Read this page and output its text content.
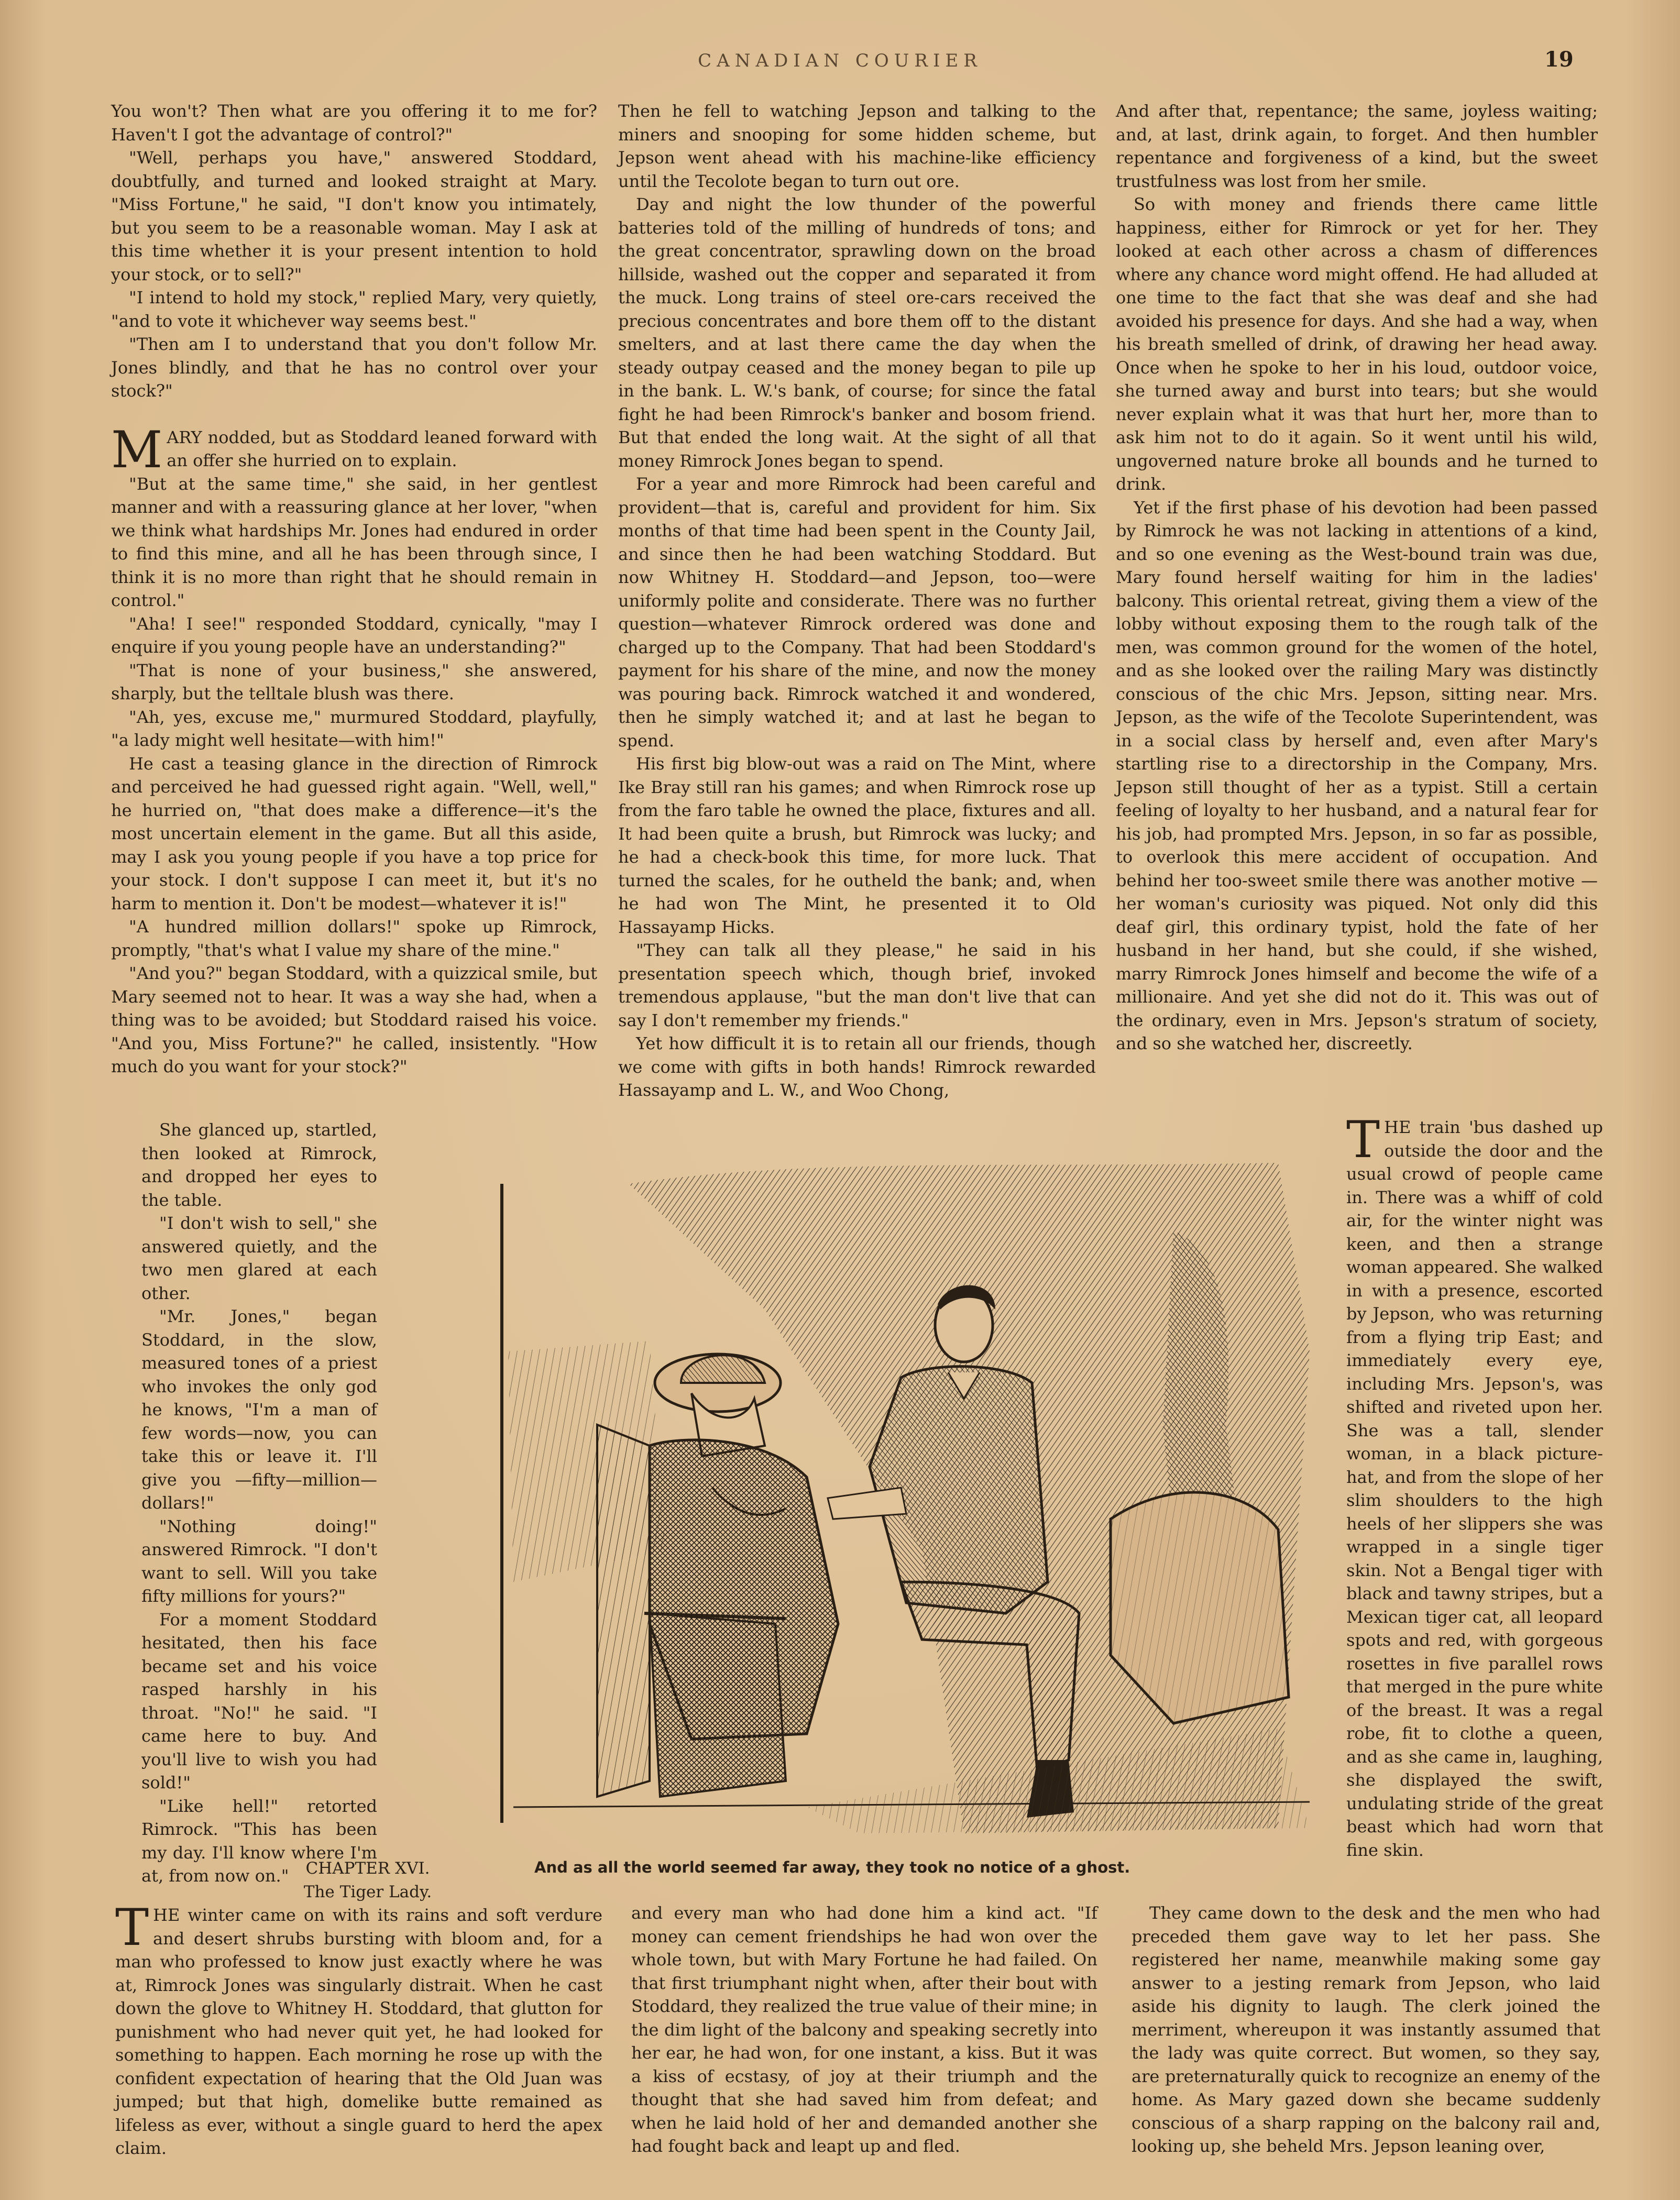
CANADIAN COURIER	19

You won't? Then what are you offering it to me for? Haven't I got the advantage of control?"

"Well, perhaps you have," answered Stoddard, doubtfully, and turned and looked straight at Mary. "Miss Fortune," he said, "I don't know you intimately, but you seem to be a reasonable woman. May I ask at this time whether it is your present intention to hold your stock, or to sell?"

"I intend to hold my stock," replied Mary, very quietly, "and to vote it whichever way seems best."

"Then am I to understand that you don't follow Mr. Jones blindly, and that he has no control over your stock?"

MARY nodded, but as Stoddard leaned forward with an offer she hurried on to explain.

"But at the same time," she said, in her gentlest manner and with a reassuring glance at her lover, "when we think what hardships Mr. Jones had endured in order to find this mine, and all he has been through since, I think it is no more than right that he should remain in control."

"Aha! I see!" responded Stoddard, cynically, "may I enquire if you young people have an understanding?"

"That is none of your business," she answered, sharply, but the telltale blush was there.

"Ah, yes, excuse me," murmured Stoddard, playfully, "a lady might well hesitate—with him!"

He cast a teasing glance in the direction of Rimrock and perceived he had guessed right again. "Well, well," he hurried on, "that does make a difference—it's the most uncertain element in the game. But all this aside, may I ask you young people if you have a top price for your stock. I don't suppose I can meet it, but it's no harm to mention it. Don't be modest—whatever it is!"

"A hundred million dollars!" spoke up Rimrock, promptly, "that's what I value my share of the mine."

"And you?" began Stoddard, with a quizzical smile, but Mary seemed not to hear. It was a way she had, when a thing was to be avoided; but Stoddard raised his voice. "And you, Miss Fortune?" he called, insistently. "How much do you want for your stock?"

She glanced up, startled, then looked at Rimrock, and dropped her eyes to the table.

"I don't wish to sell," she answered quietly, and the two men glared at each other.

"Mr. Jones," began Stoddard, in the slow, measured tones of a priest who invokes the only god he knows, "I'm a man of few words—now, you can take this or leave it. I'll give you —fifty—million—dollars!"

"Nothing doing!" answered Rimrock. "I don't want to sell. Will you take fifty millions for yours?"

For a moment Stoddard hesitated, then his face became set and his voice rasped harshly in his throat. "No!" he said. "I came here to buy. And you'll live to wish you had sold!"

"Like hell!" retorted Rimrock. "This has been my day. I'll know where I'm at, from now on."	CHAPTER XVI.

The Tiger Lady.

THE winter came on with its rains and soft verdure and desert shrubs bursting with bloom and, for a man who professed to know just exactly where he was at, Rimrock Jones was singularly distrait. When he cast down the glove to Whitney H. Stoddard, that glutton for punishment who had never quit yet, he had looked for something to happen. Each morning he rose up with the confident expectation of hearing that the Old Juan was jumped; but that high, domelike butte remained as lifeless as ever, without a single guard to herd the apex claim.

Then he fell to watching Jepson and talking to the miners and snooping for some hidden scheme, but Jepson went ahead with his machine-like efficiency until the Tecolote began to turn out ore.

Day and night the low thunder of the powerful batteries told of the milling of hundreds of tons; and the great concentrator, sprawling down on the broad hillside, washed out the copper and separated it from the muck. Long trains of steel ore-cars received the precious concentrates and bore them off to the distant smelters, and at last there came the day when the steady outpay ceased and the money began to pile up in the bank. L. W.'s bank, of course; for since the fatal fight he had been Rimrock's banker and bosom friend. But that ended the long wait. At the sight of all that money Rimrock Jones began to spend.

For a year and more Rimrock had been careful and provident—that is, careful and provident for him. Six months of that time had been spent in the County Jail, and since then he had been watching Stoddard. But now Whitney H. Stoddard—and Jepson, too—were uniformly polite and considerate. There was no further question—whatever Rimrock ordered was done and charged up to the Company. That had been Stoddard's payment for his share of the mine, and now the money was pouring back. Rimrock watched it and wondered, then he simply watched it; and at last he began to spend.

His first big blow-out was a raid on The Mint, where Ike Bray still ran his games; and when Rimrock rose up from the faro table he owned the place, fixtures and all. It had been quite a brush, but Rimrock was lucky; and he had a check-book this time, for more luck. That turned the scales, for he outheld the bank; and, when he had won The Mint, he presented it to Old Hassayamp Hicks.

"They can talk all they please," he said in his presentation speech which, though brief, invoked tremendous applause, "but the man don't live that can say I don't remember my friends."

Yet how difficult it is to retain all our friends, though we come with gifts in both hands! Rimrock rewarded Hassayamp and L. W., and Woo Chong,

and every man who had done him a kind act. "If money can cement friendships he had won over the whole town, but with Mary Fortune he had failed. On that first triumphant night when, after their bout with Stoddard, they realized the true value of their mine; in the dim light of the balcony and speaking secretly into her ear, he had won, for one instant, a kiss. But it was a kiss of ecstasy, of joy at their triumph and the thought that she had saved him from defeat; and when he laid hold of her and demanded another she had fought back and leapt up and fled.

And after that, repentance; the same, joyless waiting; and, at last, drink again, to forget. And then humbler repentance and forgiveness of a kind, but the sweet trustfulness was lost from her smile.

So with money and friends there came little happiness, either for Rimrock or yet for her. They looked at each other across a chasm of differences where any chance word might offend. He had alluded at one time to the fact that she was deaf and she had avoided his presence for days. And she had a way, when his breath smelled of drink, of drawing her head away. Once when he spoke to her in his loud, outdoor voice, she turned away and burst into tears; but she would never explain what it was that hurt her, more than to ask him not to do it again. So it went until his wild, ungoverned nature broke all bounds and he turned to drink.

Yet if the first phase of his devotion had been passed by Rimrock he was not lacking in attentions of a kind, and so one evening as the West-bound train was due, Mary found herself waiting for him in the ladies' balcony. This oriental retreat, giving them a view of the lobby without exposing them to the rough talk of the men, was common ground for the women of the hotel, and as she looked over the railing Mary was distinctly conscious of the chic Mrs. Jepson, sitting near. Mrs. Jepson, as the wife of the Tecolote Superintendent, was in a social class by herself and, even after Mary's startling rise to a directorship in the Company, Mrs. Jepson still thought of her as a typist. Still a certain feeling of loyalty to her husband, and a natural fear for his job, had prompted Mrs. Jepson, in so far as possible, to overlook this mere accident of occupation. And behind her too-sweet smile there was another motive —her woman's curiosity was piqued. Not only did this deaf girl, this ordinary typist, hold the fate of her husband in her hand, but she could, if she wished, marry Rimrock Jones himself and become the wife of a millionaire. And yet she did not do it. This was out of the ordinary, even in Mrs. Jepson's stratum of society, and so she watched her, discreetly.

THE train 'bus dashed up outside the door and the usual crowd of people came in. There was a whiff of cold air, for the winter night was keen, and then a strange woman appeared. She walked in with a presence, escorted by Jepson, who was returning from a flying trip East; and immediately every eye, including Mrs. Jepson's, was shifted and riveted upon her. She was a tall, slender woman, in a black picture-hat, and from the slope of her slim shoulders to the high heels of her slippers she was wrapped in a single tiger skin. Not a Bengal tiger with black and tawny stripes, but a Mexican tiger cat, all leopard spots and red, with gorgeous rosettes in five parallel rows that merged in the pure white of the breast. It was a regal robe, fit to clothe a queen, and as she came in, laughing, she displayed the swift, undulating stride of the great beast which had worn that fine skin.

They came down to the desk and the men who had preceded them gave way to let her pass. She registered her name, meanwhile making some gay answer to a jesting remark from Jepson, who laid aside his dignity to laugh. The clerk joined the merriment, whereupon it was instantly assumed that the lady was quite correct. But women, so they say, are preternaturally quick to recognize an enemy of the home. As Mary gazed down she became suddenly conscious of a sharp rapping on the balcony rail and, looking up, she beheld Mrs. Jepson leaning over,

And as all the world seemed far away, they took no notice of a ghost.
